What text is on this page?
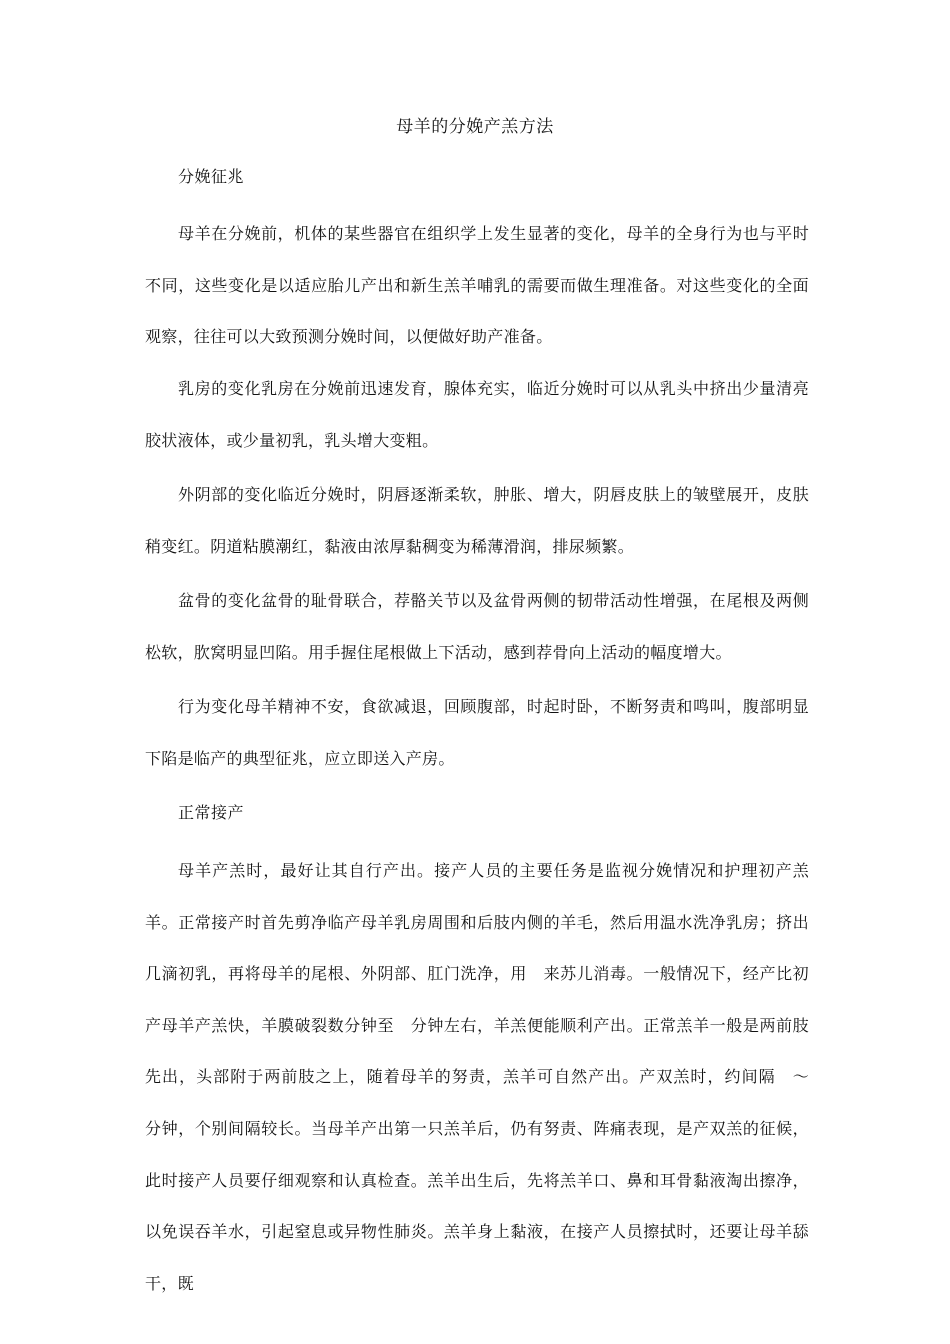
母羊的分娩产羔方法
分娩征兆

母羊在分娩前，机体的某些器官在组织学上发生显著的变化，母羊的全身行为也与平时不同，这些变化是以适应胎儿产出和新生羔羊哺乳的需要而做生理准备。对这些变化的全面观察，往往可以大致预测分娩时间，以便做好助产准备。

乳房的变化乳房在分娩前迅速发育，腺体充实，临近分娩时可以从乳头中挤出少量清亮胶状液体，或少量初乳，乳头增大变粗。

外阴部的变化临近分娩时，阴唇逐渐柔软，肿胀、增大，阴唇皮肤上的皱壁展开，皮肤稍变红。阴道粘膜潮红，黏液由浓厚黏稠变为稀薄滑润，排尿频繁。

盆骨的变化盆骨的耻骨联合，荐骼关节以及盆骨两侧的韧带活动性增强，在尾根及两侧松软，肷窝明显凹陷。用手握住尾根做上下活动，感到荐骨向上活动的幅度增大。

行为变化母羊精神不安，食欲减退，回顾腹部，时起时卧，不断努责和鸣叫，腹部明显下陷是临产的典型征兆，应立即送入产房。

正常接产

母羊产羔时，最好让其自行产出。接产人员的主要任务是监视分娩情况和护理初产羔羊。正常接产时首先剪净临产母羊乳房周围和后肢内侧的羊毛，然后用温水洗净乳房；挤出几滴初乳，再将母羊的尾根、外阴部、肛门洗净，用　来苏儿消毒。一般情况下，经产比初产母羊产羔快，羊膜破裂数分钟至　分钟左右，羊羔便能顺利产出。正常羔羊一般是两前肢先出，头部附于两前肢之上，随着母羊的努责，羔羊可自然产出。产双羔时，约间隔　～　分钟，个别间隔较长。当母羊产出第一只羔羊后，仍有努责、阵痛表现，是产双羔的征候，此时接产人员要仔细观察和认真检查。羔羊出生后，先将羔羊口、鼻和耳骨黏液淘出擦净，以免误吞羊水，引起窒息或异物性肺炎。羔羊身上黏液，在接产人员擦拭时，还要让母羊舔干，既
